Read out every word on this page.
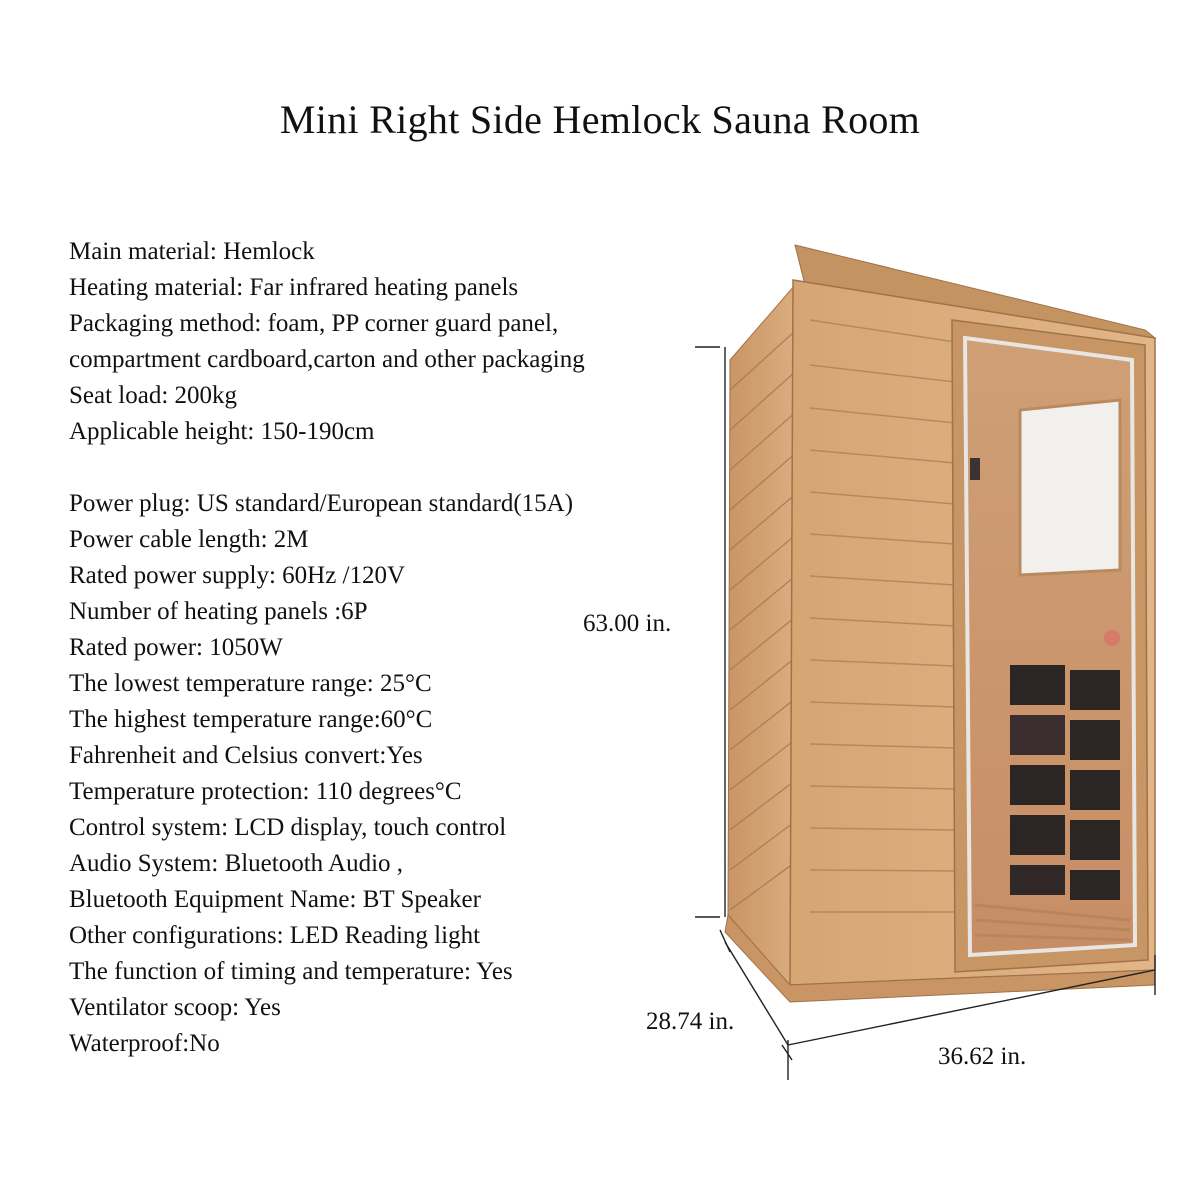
Mini Right Side Hemlock Sauna Room
Main material: Hemlock
Heating material: Far infrared heating panels
Packaging method: foam, PP corner guard panel,
compartment cardboard,carton and other packaging
Seat load: 200kg
Applicable height: 150-190cm
Power plug: US standard/European standard(15A)
Power cable length: 2M
Rated power supply: 60Hz /120V
Number of heating panels :6P
Rated power: 1050W
The lowest temperature range: 25°C
The highest temperature range:60°C
Fahrenheit and Celsius convert:Yes
Temperature protection: 110 degrees°C
Control system: LCD display, touch control
Audio System: Bluetooth Audio ,
Bluetooth Equipment Name: BT Speaker
Other configurations: LED Reading light
The function of timing and temperature: Yes
Ventilator scoop: Yes
Waterproof:No
63.00 in.
28.74 in.
36.62 in.
